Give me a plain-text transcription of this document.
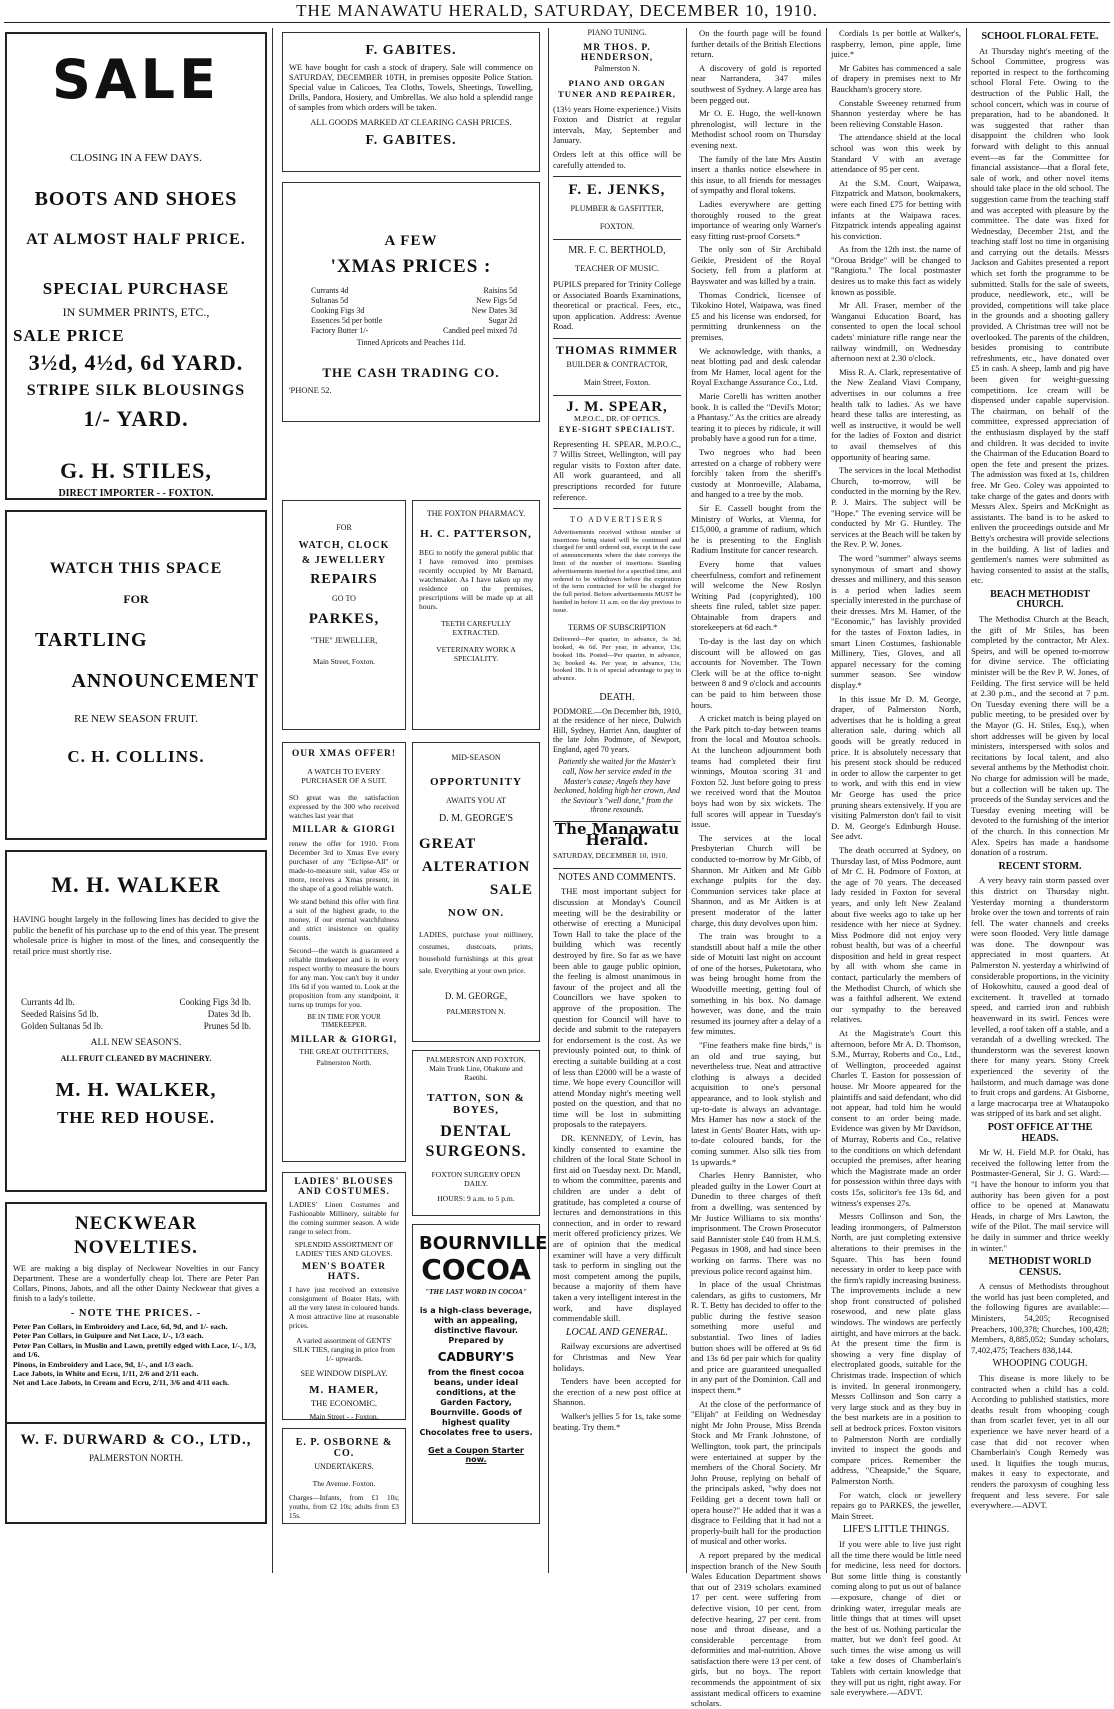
THE MANAWATU HERALD, SATURDAY, DECEMBER 10, 1910.
SALE
CLOSING IN A FEW DAYS.
BOOTS AND SHOES
AT ALMOST HALF PRICE.
SPECIAL PURCHASE
IN SUMMER PRINTS, ETC.,
SALE PRICE
3½d, 4½d, 6d YARD.
STRIPE SILK BLOUSINGS
1/- YARD.
G. H. STILES,
DIRECT IMPORTER - - FOXTON.
WATCH THIS SPACE
FOR
TARTLING
ANNOUNCEMENT
RE NEW SEASON FRUIT.
C. H. COLLINS.
M. H. WALKER
HAVING bought largely in the following lines has decided to give the public the benefit of his purchase up to the end of this year. The present wholesale price is higher in most of the lines, and consequently the retail price must shortly rise.
Currants 4d lb.	Cooking Figs 3d lb.
Seeded Raisins 5d lb.	Dates 3d lb.
Golden Sultanas 5d lb.	Prunes 5d lb.
ALL NEW SEASON'S.
ALL FRUIT CLEANED BY MACHINERY.
M. H. WALKER,
THE RED HOUSE.
NECKWEAR NOVELTIES.
WE are making a big display of Neckwear Novelties in our Fancy Department. These are a wonderfully cheap lot. There are Peter Pan Collars, Pinons, Jabots, and all the other Dainty Neckwear that gives a finish to a lady's toilette.
- NOTE THE PRICES. -
Peter Pan Collars, in Embroidery and Lace, 6d, 9d, and 1/- each.
Peter Pan Collars, in Guipure and Net Lace, 1/-, 1/3 each.
Peter Pan Collars, in Muslin and Lawn, prettily edged with Lace, 1/-, 1/3, and 1/6.
Pinons, in Embroidery and Lace, 9d, 1/-, and 1/3 each.
Lace Jabots, in White and Ecru, 1/11, 2/6 and 2/11 each.
Net and Lace Jabots, in Cream and Ecru, 2/11, 3/6 and 4/11 each.
W. F. DURWARD & CO., LTD.,
PALMERSTON NORTH.
F. GABITES.
WE have bought for cash a stock of drapery. Sale will commence on SATURDAY, DECEMBER 10TH, in premises opposite Police Station. Special value in Calicoes, Tea Cloths, Towels, Sheetings, Towelling, Drills, Pandora, Hosiery, and Umbrellas. We also hold a splendid range of samples from which orders will be taken.
ALL GOODS MARKED AT CLEARING CASH PRICES.
F. GABITES.
A FEW
'XMAS PRICES :
Currants 4d	Raisins 5d
Sultanas 5d	New Figs 5d
Cooking Figs 3d	New Dates 3d
Essences 5d per bottle	Sugar 2d
Factory Butter 1/-	Candied peel mixed 7d
Tinned Apricots and Peaches 11d.
THE CASH TRADING CO.
'PHONE 52.
FOR
WATCH, CLOCK
& JEWELLERY
REPAIRS
GO TO
PARKES,
"THE" JEWELLER,
Main Street, Foxton.
THE FOXTON PHARMACY.
H. C. PATTERSON,
BEG to notify the general public that I have removed into premises recently occupied by Mr Barnard, watchmaker. As I have taken up my residence on the premises, prescriptions will be made up at all hours.
TEETH CAREFULLY EXTRACTED.
VETERINARY WORK A SPECIALITY.
OUR XMAS OFFER!
A WATCH TO EVERY PURCHASER OF A SUIT.
SO great was the satisfaction expressed by the 300 who received watches last year that
MILLAR & GIORGI
renew the offer for 1910. From December 3rd to Xmas Eve every purchaser of any "Eclipse-All" or made-to-measure suit, value 45s or more, receives a Xmas present, in the shape of a good reliable watch.
We stand behind this offer with first a suit of the highest grade, to the money, if our eternal watchfulness and strict insistence on quality counts.
Second—the watch is guaranteed a reliable timekeeper and is in every respect worthy to measure the hours for any man. You can't buy it under 10s 6d if you wanted to. Look at the proposition from any standpoint, it turns up trumps for you.
BE IN TIME FOR YOUR TIMEKEEPER.
MILLAR & GIORGI,
THE GREAT OUTFITTERS,
Palmerston North.
MID-SEASON
OPPORTUNITY
AWAITS YOU AT
D. M. GEORGE'S
GREAT
ALTERATION
SALE
NOW ON.
LADIES, purchase your millinery, costumes, dustcoats, prints, household furnishings at this great sale. Everything at your own price.
D. M. GEORGE,
PALMERSTON N.
PALMERSTON AND FOXTON.
Main Trunk Line, Ohakune and Raetihi.
TATTON, SON & BOYES,
DENTAL SURGEONS.
FOXTON SURGERY OPEN DAILY.
HOURS: 9 a.m. to 5 p.m.
LADIES' BLOUSES AND COSTUMES.
LADIES' Linen Costumes and Fashionable Millinery, suitable for the coming summer season. A wide range to select from.
SPLENDID ASSORTMENT OF LADIES' TIES AND GLOVES.
MEN'S BOATER HATS.
I have just received an extensive consignment of Boater Hats, with all the very latest in coloured bands. A most attractive line at reasonable prices.
A varied assortment of GENTS' SILK TIES, ranging in price from 1/- upwards.
SEE WINDOW DISPLAY.
M. HAMER,
THE ECONOMIC.
Main Street - - Foxton.
E. P. OSBORNE & CO.
UNDERTAKERS.
The Avenue. Foxton.
Charges—Infants, from £1 10s; youths, from £2 10s; adults from £3 15s.
BOURNVILLE
COCOA
"THE LAST WORD IN COCOA"
is a high-class beverage, with an appealing, distinctive flavour. Prepared by
CADBURY'S
from the finest cocoa beans, under ideal conditions, at the Garden Factory, Bournville. Goods of highest quality Chocolates free to users.
Get a Coupon Starter now.
PIANO TUNING.
MR THOS. P. HENDERSON,
Palmerston N.
PIANO AND ORGAN TUNER AND REPAIRER,
(13½ years Home experience.) Visits Foxton and District at regular intervals, May, September and January.
Orders left at this office will be carefully attended to.
F. E. JENKS,
PLUMBER & GASFITTER,
FOXTON.
MR. F. C. BERTHOLD,
TEACHER OF MUSIC.
PUPILS prepared for Trinity College or Associated Boards Examinations, theoretical or practical. Fees, etc., upon application. Address: Avenue Road.
THOMAS RIMMER
BUILDER & CONTRACTOR,
Main Street, Foxton.
J. M. SPEAR,
M.P.O.C., DR. OF OPTICS.
EYE-SIGHT SPECIALIST.
Representing H. SPEAR, M.P.O.C., 7 Willis Street, Wellington, will pay regular visits to Foxton after date. All work guaranteed, and all prescriptions recorded for future reference.
TO ADVERTISERS
Advertisements received without number of insertions being stated will be continued and charged for until ordered out, except in the case of announcements where the date conveys the limit of the number of insertions. Standing advertisements inserted for a specified time, and ordered to be withdrawn before the expiration of the term contracted for will be charged for the full period. Before advertisements MUST be handed in before 11 a.m. on the day previous to issue.
TERMS OF SUBSCRIPTION
Delivered—Per quarter, in advance, 3s 3d; booked, 4s 6d. Per year, in advance, 13s; booked 18s. Posted—Per quarter, in advance, 3s; booked 4s. Per year, in advance, 13s; booked 18s. It is of special advantage to pay in advance.
DEATH.
PODMORE.—On December 8th, 1910, at the residence of her niece, Dulwich Hill, Sydney, Harriet Ann, daughter of the late John Podmore, of Newport, England, aged 70 years.
Patiently she waited for the Master's call, Now her service ended in the Master's cause; Angels they have beckoned, holding high her crown, And the Saviour's "well done," from the throne resounds.
The Manawatu Herald.
SATURDAY, DECEMBER 10, 1910.
NOTES AND COMMENTS.

THE most important subject for discussion at Monday's Council meeting will be the desirability or otherwise of erecting a Municipal Town Hall to take the place of the building which was recently destroyed by fire. So far as we have been able to gauge public opinion, the feeling is almost unanimous in favour of the project and all the Councillors we have spoken to approve of the proposition. The question for Council will have to decide and submit to the ratepayers for endorsement is the cost. As we previously pointed out, to think of erecting a suitable building at a cost of less than £2000 will be a waste of time. We hope every Councillor will attend Monday night's meeting well posted on the question, and that no time will be lost in submitting proposals to the ratepayers.

DR. KENNEDY, of Levin, has kindly consented to examine the children of the local State School in first aid on Tuesday next. Dr. Mandl, to whom the committee, parents and children are under a debt of gratitude, has completed a course of lectures and demonstrations in this connection, and in order to reward merit offered proficiency prizes. We are of opinion that the medical examiner will have a very difficult task to perform in singling out the most competent among the pupils, because a majority of them have taken a very intelligent interest in the work, and have displayed commendable skill.

LOCAL AND GENERAL.

Railway excursions are advertised for Christmas and New Year holidays.

Tenders have been accepted for the erection of a new post office at Shannon.

Walker's jellies 5 for 1s, take some beating. Try them.*

On the fourth page will be found further details of the British Elections return.

A discovery of gold is reported near Narrandera, 347 miles southwest of Sydney. A large area has been pegged out.

Mr O. E. Hugo, the well-known phrenologist, will lecture in the Methodist school room on Thursday evening next.

The family of the late Mrs Austin insert a thanks notice elsewhere in this issue, to all friends for messages of sympathy and floral tokens.

Ladies everywhere are getting thoroughly roused to the great importance of wearing only Warner's easy fitting rust-proof Corsets.*

The only son of Sir Archibald Geikie, President of the Royal Society, fell from a platform at Bayswater and was killed by a train.

Thomas Condrick, licensee of Tikokino Hotel, Waipawa, was fined £5 and his license was endorsed, for permitting drunkenness on the premises.

We acknowledge, with thanks, a neat blotting pad and desk calendar from Mr Hamer, local agent for the Royal Exchange Assurance Co., Ltd.

Marie Corelli has written another book. It is called the "Devil's Motor; a Phantasy." As the critics are already tearing it to pieces by ridicule, it will probably have a good run for a time.

Two negroes who had been arrested on a charge of robbery were forcibly taken from the sheriff's custody at Monroeville, Alabama, and hanged to a tree by the mob.

Sir E. Cassell bought from the Ministry of Works, at Vienna, for £15,000, a gramme of radium, which he is presenting to the English Radium Institute for cancer research.

Every home that values cheerfulness, comfort and refinement will welcome the New Roslyn Writing Pad (copyrighted), 100 sheets fine ruled, tablet size paper. Obtainable from drapers and storekeepers at 6d each.*

To-day is the last day on which discount will be allowed on gas accounts for November. The Town Clerk will be at the office to-night between 8 and 9 o'clock and accounts can be paid to him between those hours.

A cricket match is being played on the Park pitch to-day between teams from the local and Moutoa schools. At the luncheon adjournment both teams had completed their first winnings, Moutoa scoring 31 and Foxton 52. Just before going to press we received word that the Moutoa boys had won by six wickets. The full scores will appear in Tuesday's issue.

The services at the local Presbyterian Church will be conducted to-morrow by Mr Gibb, of Shannon. Mr Aitken and Mr Gibb exchange pulpits for the day. Communion services take place at Shannon, and as Mr Aitken is at present moderator of the latter charge, this duty devolves upon him.

The train was brought to a standstill about half a mile the other side of Motuiti last night on account of one of the horses, Puketotara, who was being brought home from the Woodville meeting, getting foul of something in his box. No damage however, was done, and the train resumed its journey after a delay of a few minutes.

"Fine feathers make fine birds," is an old and true saying, but nevertheless true. Neat and attractive clothing is always a decided acquisition to one's personal appearance, and to look stylish and up-to-date is always an advantage. Mrs Hamer has now a stock of the latest in Gents' Boater Hats, with up-to-date coloured bands, for the coming summer. Also silk ties from 1s upwards.*

Charles Henry Bannister, who pleaded guilty in the Lower Court at Dunedin to three charges of theft from a dwelling, was sentenced by Mr Justice Williams to six months' imprisonment. The Crown Prosecutor said Bannister stole £40 from H.M.S. Pegasus in 1908, and had since been working on farms. There was no previous police record against him.

In place of the usual Christmas calendars, as gifts to customers, Mr R. T. Betty has decided to offer to the public during the festive season something more useful and substantial. Two lines of ladies button shoes will be offered at 9s 6d and 13s 6d per pair which for quality and price are guaranteed unequalled in any part of the Dominion. Call and inspect them.*

At the close of the performance of "Elijah" at Feilding on Wednesday night Mr John Prouse, Miss Brenda Stock and Mr Frank Johnstone, of Wellington, took part, the principals were entertained at supper by the members of the Choral Society. Mr John Prouse, replying on behalf of the principals asked, "why does not Feilding get a decent town hall or opera house?" He added that it was a disgrace to Feilding that it had not a properly-built hall for the production of musical and other works.

A report prepared by the medical inspection branch of the New South Wales Education Department shows that out of 2319 scholars examined 17 per cent. were suffering from defective vision, 10 per cent. from defective hearing, 27 per cent. from nose and throat disease, and a considerable percentage from deformities and mal-nutrition. Above satisfaction there were 13 per cent. of girls, but no boys. The report recommends the appointment of six assistant medical officers to examine scholars.

Cordials 1s per bottle at Walker's, raspberry, lemon, pine apple, lime juice.*

Mr Gabites has commenced a sale of drapery in premises next to Mr Bauckham's grocery store.

Constable Sweeney returned from Shannon yesterday where he has been relieving Constable Hason.

The attendance shield at the local school was won this week by Standard V with an average attendance of 95 per cent.

At the S.M. Court, Waipawa, Fitzpatrick and Matson, bookmakers, were each fined £75 for betting with infants at the Waipawa races. Fitzpatrick intends appealing against his conviction.

As from the 12th inst. the name of "Oroua Bridge" will be changed to "Rangiotu." The local postmaster desires us to make this fact as widely known as possible.

Mr All. Fraser, member of the Wanganui Education Board, has consented to open the local school cadets' miniature rifle range near the railway windmill, on Wednesday afternoon next at 2.30 o'clock.

Miss R. A. Clark, representative of the New Zealand Viavi Company, advertises in our columns a free health talk to ladies. As we have heard these talks are interesting, as well as instructive, it would be well for the ladies of Foxton and district to avail themselves of this opportunity of hearing same.

The services in the local Methodist Church, to-morrow, will be conducted in the morning by the Rev. P. J. Mairs. The subject will be "Hope." The evening service will be conducted by Mr G. Huntley. The services at the Beach will be taken by the Rev. P. W. Jones.

The word "summer" always seems synonymous of smart and showy dresses and millinery, and this season is a period when ladies seem specially interested in the purchase of their dresses. Mrs M. Hamer, of the "Economic," has lavishly provided for the tastes of Foxton ladies, in smart Linen Costumes, fashionable Millinery, Ties, Gloves, and all apparel necessary for the coming summer season. See window display.*

In this issue Mr D. M. George, draper, of Palmerston North, advertises that he is holding a great alteration sale, during which all goods will be greatly reduced in price. It is absolutely necessary that his present stock should be reduced in order to allow the carpenter to get to work, and with this end in view Mr George has used the price pruning shears extensively. If you are visiting Palmerston don't fail to visit D. M. George's Edinburgh House. See advt.

The death occurred at Sydney, on Thursday last, of Miss Podmore, aunt of Mr C. H. Podmore of Foxton, at the age of 70 years. The deceased lady resided in Foxton for several years, and only left New Zealand about five weeks ago to take up her residence with her niece at Sydney. Miss Podmore did not enjoy very robust health, but was of a cheerful disposition and held in great respect by all with whom she came in contact, particularly the members of the Methodist Church, of which she was a faithful adherent. We extend our sympathy to the bereaved relatives.

At the Magistrate's Court this afternoon, before Mr A. D. Thomson, S.M., Murray, Roberts and Co., Ltd., of Wellington, proceeded against Charles T. Easton for possession of house. Mr Moore appeared for the plaintiffs and said defendant, who did not appear, had told him he would consent to an order being made. Evidence was given by Mr Davidson, of Murray, Roberts and Co., relative to the conditions on which defendant occupied the premises, after hearing which the Magistrate made an order for possession within three days with costs 15s, solicitor's fee 13s 6d, and witness's expenses 27s.

Messrs Collinson and Son, the leading ironmongers, of Palmerston North, are just completing extensive alterations to their premises in the Square. This has been found necessary in order to keep pace with the firm's rapidly increasing business. The improvements include a new shop front constructed of polished rosewood, and new plate glass windows. The windows are perfectly airtight, and have mirrors at the back. At the present time the firm is showing a very fine display of electroplated goods, suitable for the Christmas trade. Inspection of which is invited. In general ironmongery, Messrs Collinson and Son carry a very large stock and as they buy in the best markets are in a position to sell at bedrock prices. Foxton visitors to Palmerston North are cordially invited to inspect the goods and compare prices. Remember the address, "Cheapside," the Square, Palmerston North.

For watch, clock or jewellery repairs go to PARKES, the jeweller, Main Street.

LIFE'S LITTLE THINGS.

If you were able to live just right all the time there would be little need for medicine, less need for doctors. But some little thing is constantly coming along to put us out of balance—exposure, change of diet or drinking water, irregular meals are little things that at times will upset the best of us. Nothing particular the matter, but we don't feel good. At such times the wise among us will take a few doses of Chamberlain's Tablets with certain knowledge that they will put us right, right away. For sale everywhere.—ADVT.

SCHOOL FLORAL FETE.

At Thursday night's meeting of the School Committee, progress was reported in respect to the forthcoming school Floral Fete. Owing to the destruction of the Public Hall, the school concert, which was in course of preparation, had to be abandoned. It was suggested that rather than disappoint the children who look forward with delight to this annual event—as far the Committee for financial assistance—that a floral fete, sale of work, and other novel items should take place in the old school. The suggestion came from the teaching staff and was accepted with pleasure by the committee. The date was fixed for Wednesday, December 21st, and the teaching staff lost no time in organising and carrying out the details. Messrs Jackson and Gabites presented a report which set forth the programme to be submitted. Stalls for the sale of sweets, produce, needlework, etc., will be provided, competitions will take place in the grounds and a shooting gallery provided. A Christmas tree will not be overlooked. The parents of the children, besides promising to contribute refreshments, etc., have donated over £5 in cash. A sheep, lamb and pig have been given for weight-guessing competitions. Ice cream will be dispensed under capable supervision. The chairman, on behalf of the committee, expressed appreciation of the enthusiasm displayed by the staff and children. It was decided to invite the Chairman of the Education Board to open the fete and present the prizes. The admission was fixed at 1s, children free. Mr Geo. Coley was appointed to take charge of the gates and doors with Messrs Alex. Speirs and McKnight as assistants. The band is to be asked to enliven the proceedings outside and Mr Betty's orchestra will provide selections in the building. A list of ladies and gentlemen's names were submitted as having consented to assist at the stalls, etc.

BEACH METHODIST CHURCH.

The Methodist Church at the Beach, the gift of Mr Stiles, has been completed by the contractor, Mr Alex. Speirs, and will be opened to-morrow for divine service. The officiating minister will be the Rev P. W. Jones, of Feilding. The first service will be held at 2.30 p.m., and the second at 7 p.m. On Tuesday evening there will be a public meeting, to be presided over by the Mayor (G. H. Stiles, Esq.), when short addresses will be given by local ministers, interspersed with solos and recitations by local talent, and also several anthems by the Methodist choir. No charge for admission will be made, but a collection will be taken up. The proceeds of the Sunday services and the Tuesday evening meeting will be devoted to the furnishing of the interior of the church. In this connection Mr Alex. Speirs has made a handsome donation of a rostrum.

RECENT STORM.

A very heavy rain storm passed over this district on Thursday night. Yesterday morning a thunderstorm broke over the town and torrents of rain fell. The water channels and creeks were soon flooded. Very little damage was done. The downpour was appreciated in most quarters. At Palmerston N. yesterday a whirlwind of considerable proportions, in the vicinity of Hokowhitu, caused a good deal of excitement. It travelled at tornado speed, and carried iron and rubbish heavenward in its swirl. Fences were levelled, a roof taken off a stable, and a verandah of a dwelling wrecked. The thunderstorm was the severest known there for many years. Stony Creek experienced the severity of the hailstorm, and much damage was done to fruit crops and gardens. At Gisborne, a large macrocarpa tree at Whataupoko was stripped of its bark and set alight.

POST OFFICE AT THE HEADS.

Mr W. H. Field M.P. for Otaki, has received the following letter from the Postmaster-General, Sir J. G. Ward:— "I have the honour to inform you that authority has been given for a post office to be opened at Manawatu Heads, in charge of Mrs Lawton, the wife of the Pilot. The mail service will be daily in summer and thrice weekly in winter."

METHODIST WORLD CENSUS.

A census of Methodists throughout the world has just been completed, and the following figures are available:—Ministers, 54,205; Recognised Preachers, 100,378; Churches, 100,428; Members, 8,885,052; Sunday scholars, 7,402,475; Teachers 838,144.

WHOOPING COUGH.

This disease is more likely to be contracted when a child has a cold. According to published statistics, more deaths result from whooping cough than from scarlet fever, yet in all our experience we have never heard of a case that did not recover when Chamberlain's Cough Remedy was used. It liquifies the tough mucus, makes it easy to expectorate, and renders the paroxysm of coughing less frequent and less severe. For sale everywhere.—ADVT.
